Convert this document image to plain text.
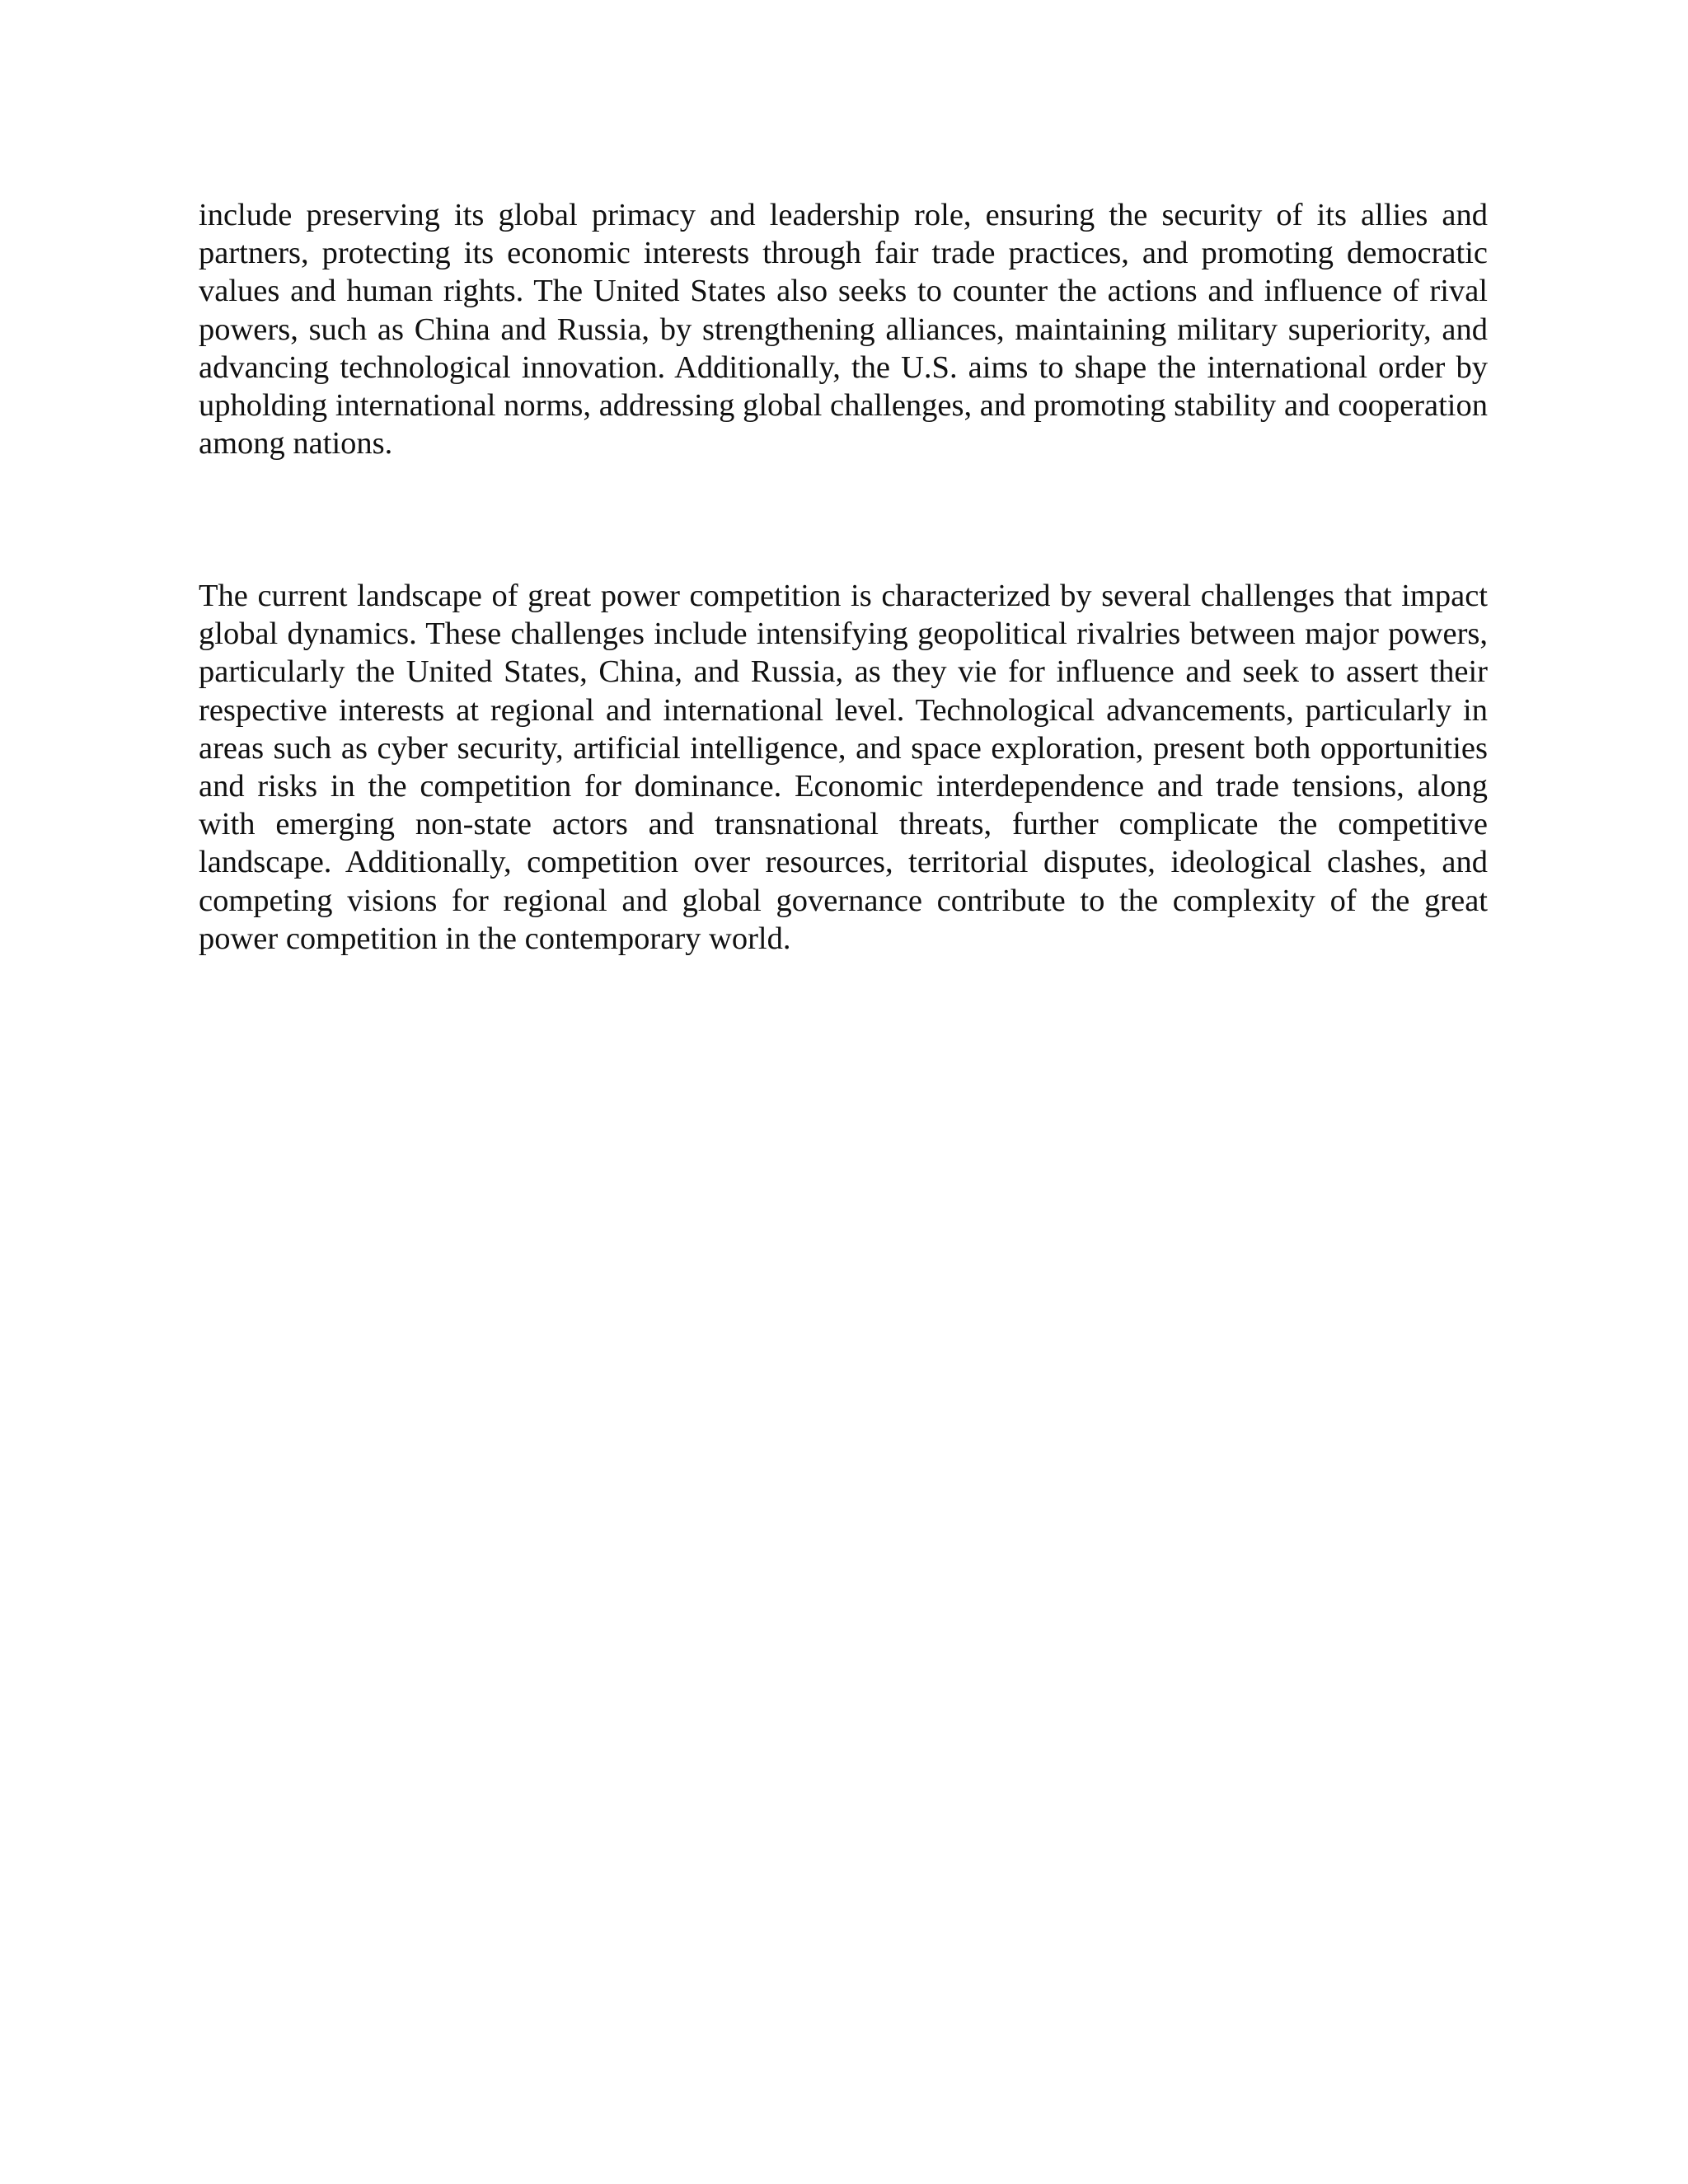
include preserving its global primacy and leadership role, ensuring the security of its allies and partners, protecting its economic interests through fair trade practices, and promoting democratic values and human rights. The United States also seeks to counter the actions and influence of rival powers, such as China and Russia, by strengthening alliances, maintaining military superiority, and advancing technological innovation. Additionally, the U.S. aims to shape the international order by upholding international norms, addressing global challenges, and promoting stability and cooperation among nations.

The current landscape of great power competition is characterized by several challenges that impact global dynamics. These challenges include intensifying geopolitical rivalries between major powers, particularly the United States, China, and Russia, as they vie for influence and seek to assert their respective interests at regional and international level. Technological advancements, particularly in areas such as cyber security, artificial intelligence, and space exploration, present both opportunities and risks in the competition for dominance. Economic interdependence and trade tensions, along with emerging non-state actors and transnational threats, further complicate the competitive landscape. Additionally, competition over resources, territorial disputes, ideological clashes, and competing visions for regional and global governance contribute to the complexity of the great power competition in the contemporary world.
